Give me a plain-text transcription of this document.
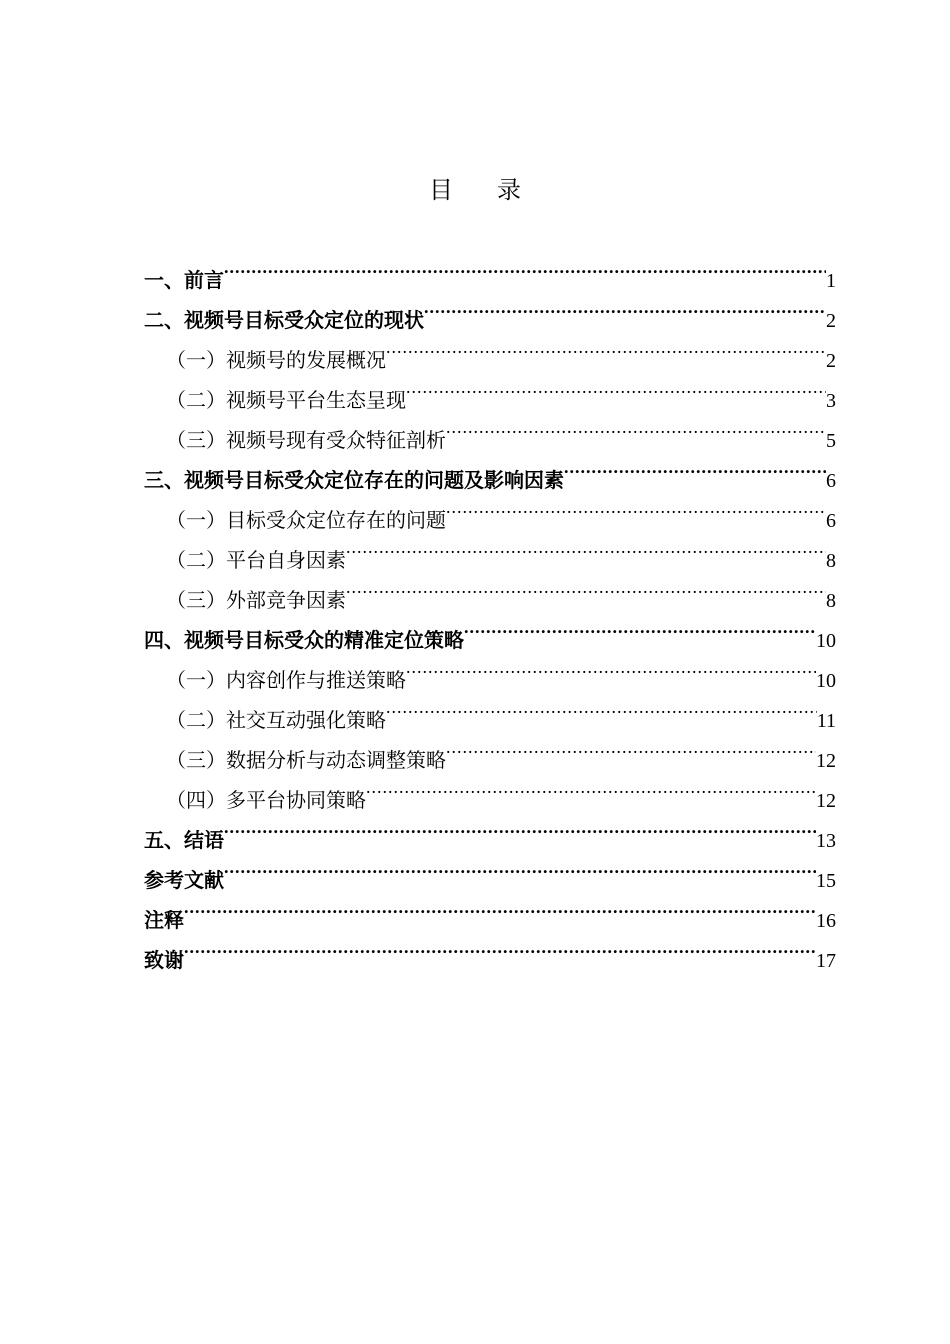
目 录
一、前言 .....	1
二、视频号目标受众定位的现状 .....	2
（一）视频号的发展概况 .....	2
（二）视频号平台生态呈现 .....	3
（三）视频号现有受众特征剖析 .....	5
三、视频号目标受众定位存在的问题及影响因素 .....	6
（一）目标受众定位存在的问题 .....	6
（二）平台自身因素 .....	8
（三）外部竞争因素 .....	8
四、视频号目标受众的精准定位策略 .....	10
（一）内容创作与推送策略 .....	10
（二）社交互动强化策略 .....	11
（三）数据分析与动态调整策略 .....	12
（四）多平台协同策略 .....	12
五、结语 .....	13
参考文献 .....	15
注释 .....	16
致谢 .....	17
